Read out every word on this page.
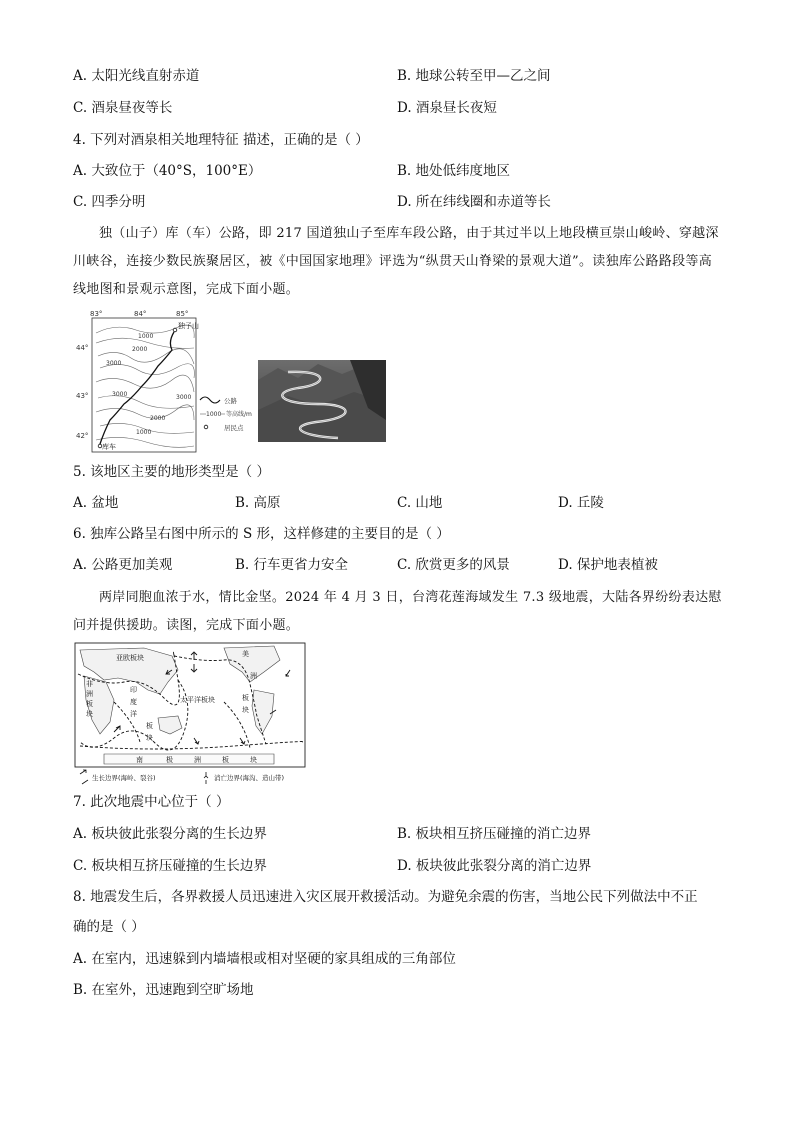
A. 太阳光线直射赤道	B. 地球公转至甲—乙之间
C. 酒泉昼夜等长	D. 酒泉昼长夜短
4. 下列对酒泉相关地理特征 描述，正确的是（ ）
A. 大致位于（40°S，100°E）	B. 地处低纬度地区
C. 四季分明	D. 所在纬线圈和赤道等长
独（山子）库（车）公路，即 217 国道独山子至库车段公路，由于其过半以上地段横亘崇山峻岭、穿越深川峡谷，连接少数民族聚居区，被《中国国家地理》评选为“纵贯天山脊梁的景观大道”。读独库公路路段等高线地图和景观示意图，完成下面小题。
83°	84°	85°
44°
43°
42°
独子山
库车
1000
2000
3000
3000	3000
2000
1000
公路
1000 等高线/m
居民点
5. 该地区主要的地形类型是（ ）
A. 盆地	B. 高原	C. 山地	D. 丘陵
6. 独库公路呈右图中所示的 S 形，这样修建的主要目的是（ ）
A. 公路更加美观	B. 行车更省力安全	C. 欣赏更多的风景	D. 保护地表植被
两岸同胞血浓于水，情比金坚。2024 年 4 月 3 日，台湾花莲海域发生 7.3 级地震，大陆各界纷纷表达慰问并提供援助。读图，完成下面小题。
亚欧板块
非
洲
板
块
印
度
洋
板
块
太平洋板块
美
洲
板
块
南	极	洲	板	块
生长边界(海岭、裂谷)	消亡边界(海沟、造山带)
7. 此次地震中心位于（ ）
A. 板块彼此张裂分离的生长边界	B. 板块相互挤压碰撞的消亡边界
C. 板块相互挤压碰撞的生长边界	D. 板块彼此张裂分离的消亡边界
8. 地震发生后，各界救援人员迅速进入灾区展开救援活动。为避免余震的伤害，当地公民下列做法中不正
确的是（ ）
A. 在室内，迅速躲到内墙墙根或相对坚硬的家具组成的三角部位
B. 在室外，迅速跑到空旷场地
